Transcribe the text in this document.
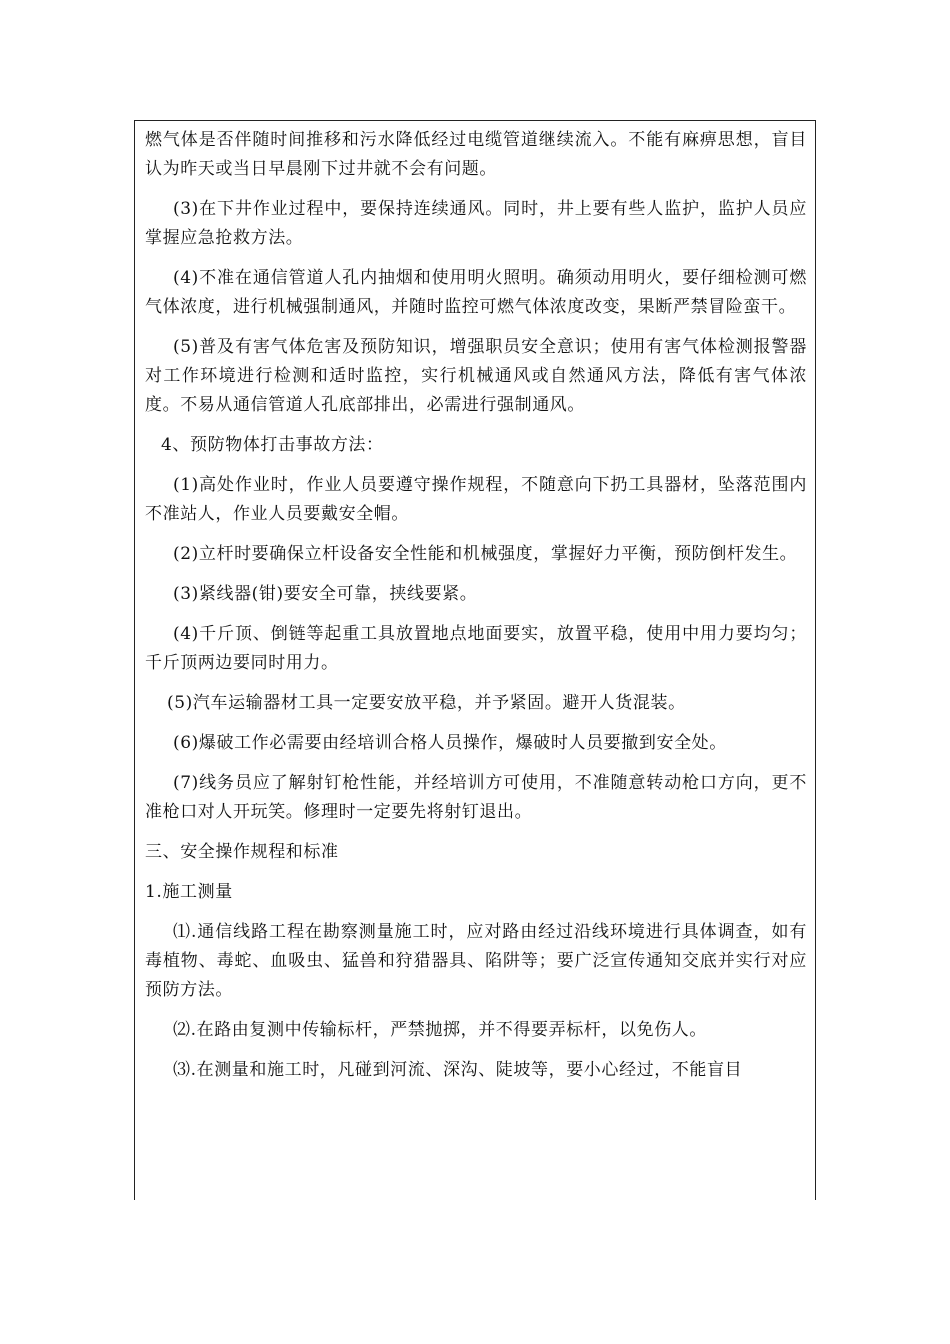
燃气体是否伴随时间推移和污水降低经过电缆管道继续流入。不能有麻痹思想，盲目认为昨天或当日早晨刚下过井就不会有问题。

(3)在下井作业过程中，要保持连续通风。同时，井上要有些人监护，监护人员应掌握应急抢救方法。

(4)不准在通信管道人孔内抽烟和使用明火照明。确须动用明火，要仔细检测可燃气体浓度，进行机械强制通风，并随时监控可燃气体浓度改变，果断严禁冒险蛮干。

(5)普及有害气体危害及预防知识，增强职员安全意识；使用有害气体检测报警器对工作环境进行检测和适时监控，实行机械通风或自然通风方法，降低有害气体浓度。不易从通信管道人孔底部排出，必需进行强制通风。

4、预防物体打击事故方法：

(1)高处作业时，作业人员要遵守操作规程，不随意向下扔工具器材，坠落范围内不准站人，作业人员要戴安全帽。

(2)立杆时要确保立杆设备安全性能和机械强度，掌握好力平衡，预防倒杆发生。

(3)紧线器(钳)要安全可靠，挟线要紧。

(4)千斤顶、倒链等起重工具放置地点地面要实，放置平稳，使用中用力要均匀；千斤顶两边要同时用力。

(5)汽车运输器材工具一定要安放平稳，并予紧固。避开人货混装。

(6)爆破工作必需要由经培训合格人员操作，爆破时人员要撤到安全处。

(7)线务员应了解射钉枪性能，并经培训方可使用，不准随意转动枪口方向，更不准枪口对人开玩笑。修理时一定要先将射钉退出。

三、安全操作规程和标准

1.施工测量

⑴.通信线路工程在勘察测量施工时，应对路由经过沿线环境进行具体调查，如有毒植物、毒蛇、血吸虫、猛兽和狩猎器具、陷阱等；要广泛宣传通知交底并实行对应预防方法。

⑵.在路由复测中传输标杆，严禁抛掷，并不得要弄标杆，以免伤人。

⑶.在测量和施工时，凡碰到河流、深沟、陡坡等，要小心经过，不能盲目
